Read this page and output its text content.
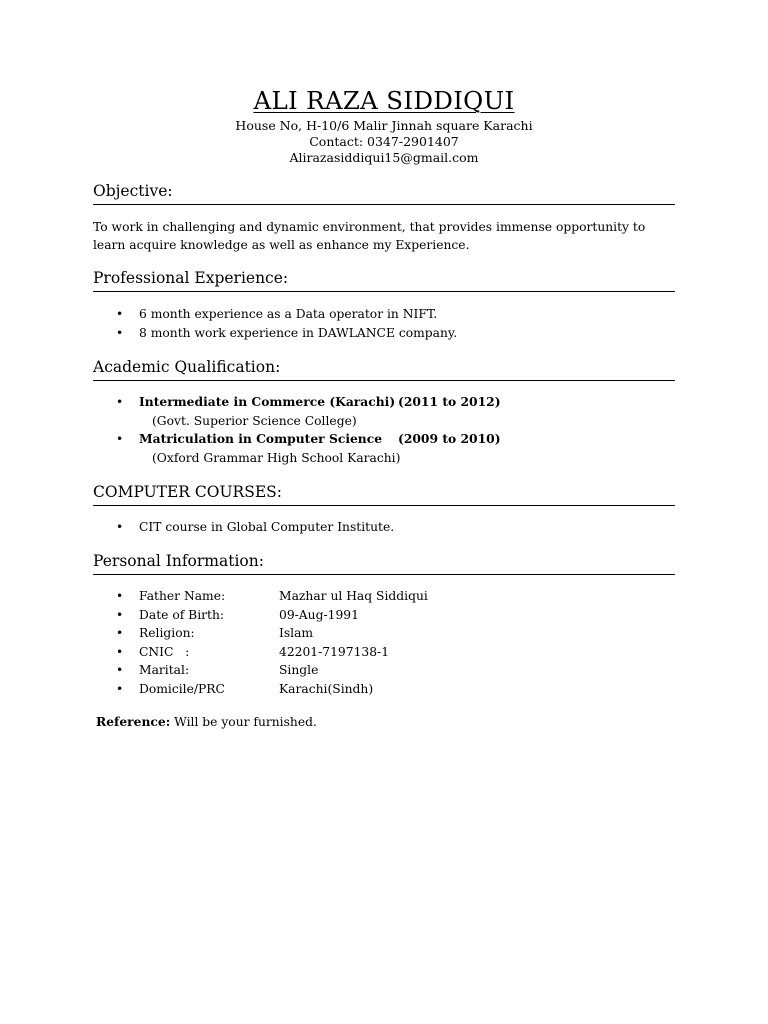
ALI RAZA SIDDIQUI
House No, H-10/6 Malir Jinnah square Karachi
Contact: 0347-2901407
Alirazasiddiqui15@gmail.com
Objective:
To work in challenging and dynamic environment, that provides immense opportunity to
learn acquire knowledge as well as enhance my Experience.
Professional Experience:
• 6 month experience as a Data operator in NIFT.
• 8 month work experience in DAWLANCE company.
Academic Qualification:
• Intermediate in Commerce (Karachi) (2011 to 2012)
(Govt. Superior Science College)
• Matriculation in Computer Science (2009 to 2010)
(Oxford Grammar High School Karachi)
COMPUTER COURSES:
• CIT course in Global Computer Institute.
Personal Information:
• Father Name:	Mazhar ul Haq Siddiqui
• Date of Birth:	09-Aug-1991
• Religion:	Islam
• CNIC   :	42201-7197138-1
• Marital:	Single
• Domicile/PRC	Karachi(Sindh)
Reference: Will be your furnished.
